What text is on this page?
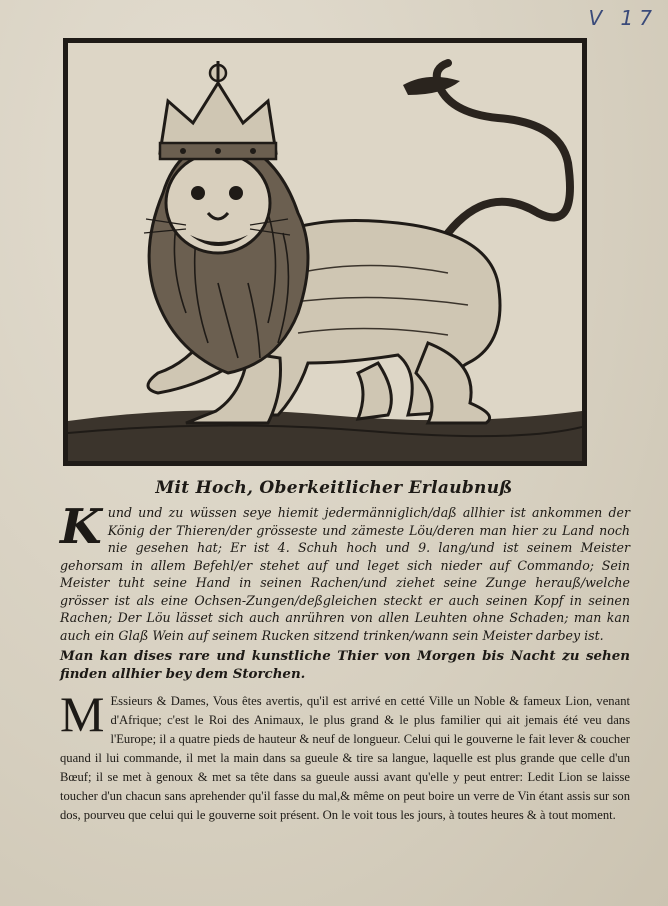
V 17
Mit Hoch, Oberkeitlicher Erlaubnuß
K und und zu wüssen seye hiemit jedermänniglich/daß allhier ist ankommen der König der Thieren/der grösseste und zämeste Löu/deren man hier zu Land noch nie gesehen hat; Er ist 4. Schuh hoch und 9. lang/und ist seinem Meister gehorsam in allem Befehl/er stehet auf und leget sich nieder auf Commando; Sein Meister tuht seine Hand in seinen Rachen/und ziehet seine Zunge herauß/welche grösser ist als eine Ochsen-Zungen/deßgleichen steckt er auch seinen Kopf in seinen Rachen; Der Löu lässet sich auch anrühren von allen Leuhten ohne Schaden; man kan auch ein Glaß Wein auf seinem Rucken sitzend trinken/wann sein Meister darbey ist.
Man kan dises rare und kunstliche Thier von Morgen bis Nacht zu sehen finden allhier bey dem Storchen.
M Essieurs & Dames, Vous êtes avertis, qu'il est arrivé en cetté Ville un Noble & fameux Lion, venant d'Afrique; c'est le Roi des Animaux, le plus grand & le plus familier qui ait jemais été veu dans l'Europe; il a quatre pieds de hauteur & neuf de longueur. Celui qui le gouverne le fait lever & coucher quand il lui commande, il met la main dans sa gueule & tire sa langue, laquelle est plus grande que celle d'un Bœuf; il se met à genoux & met sa tête dans sa gueule aussi avant qu'elle y peut entrer: Ledit Lion se laisse toucher d'un chacun sans aprehender qu'il fasse du mal,& même on peut boire un verre de Vin étant assis sur son dos, pourveu que celui qui le gouverne soit présent. On le voit tous les jours, à toutes heures & à tout moment.
